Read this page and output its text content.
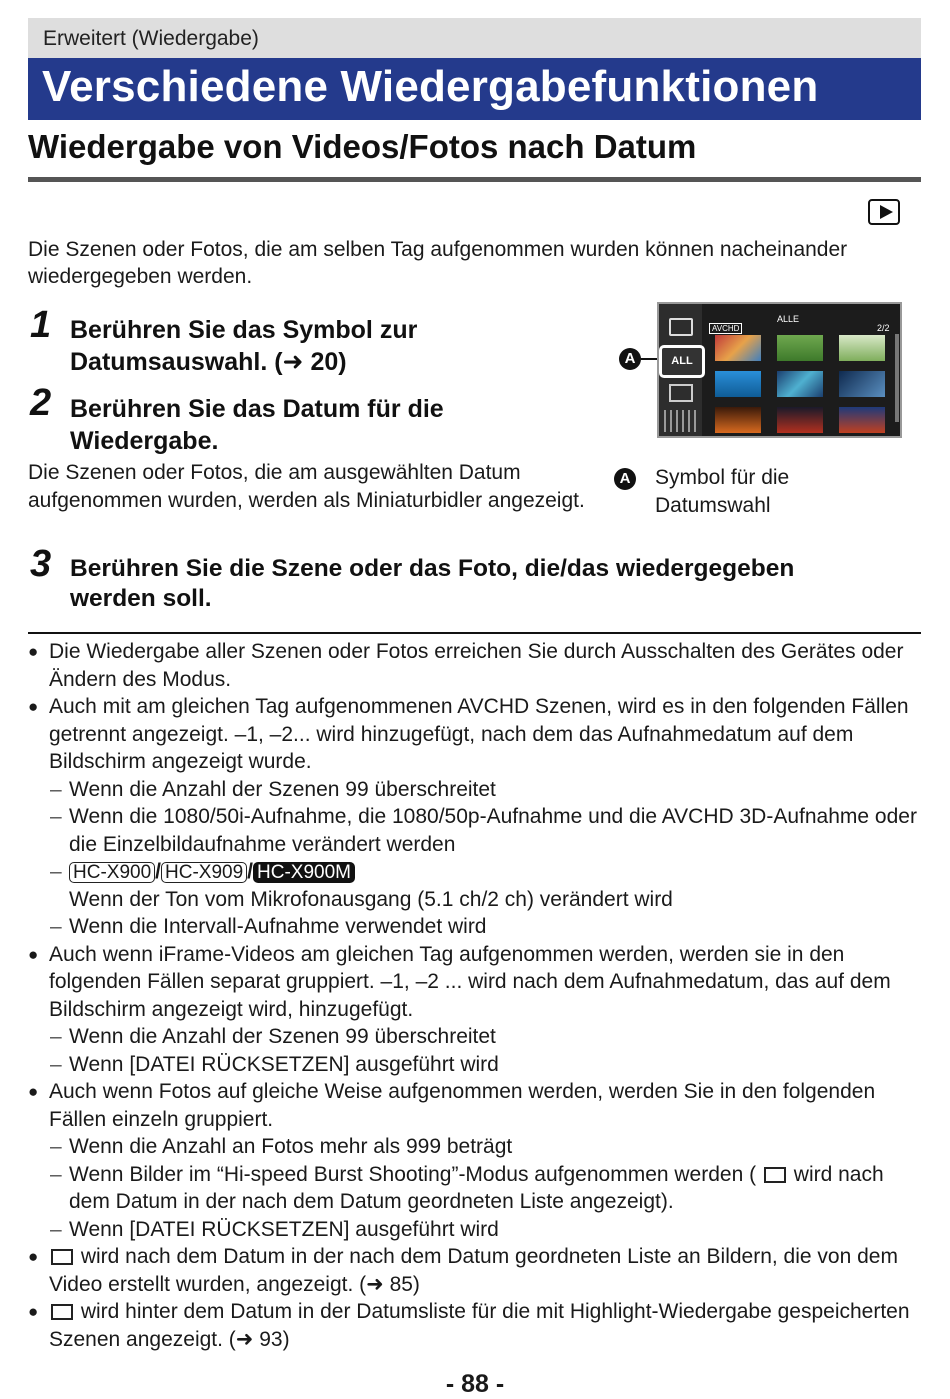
Erweitert (Wiedergabe)
Verschiedene Wiedergabefunktionen
Wiedergabe von Videos/Fotos nach Datum
Die Szenen oder Fotos, die am selben Tag aufgenommen wurden können nacheinander wiedergegeben werden.
1 Berühren Sie das Symbol zur
Datumsauswahl. (➜ 20)
2 Berühren Sie das Datum für die
Wiedergabe.
Die Szenen oder Fotos, die am ausgewählten Datum aufgenommen wurden, werden als Miniaturbidler angezeigt.
A	ALL
AVCHD
ALLE
2/2
A Symbol für die Datumswahl
3 Berühren Sie die Szene oder das Foto, die/das wiedergegeben
werden soll.
● Die Wiedergabe aller Szenen oder Fotos erreichen Sie durch Ausschalten des Gerätes oder Ändern des Modus.
● Auch mit am gleichen Tag aufgenommenen AVCHD Szenen, wird es in den folgenden Fällen getrennt angezeigt. –1, –2... wird hinzugefügt, nach dem das Aufnahmedatum auf dem Bildschirm angezeigt wurde.
– Wenn die Anzahl der Szenen 99 überschreitet
– Wenn die 1080/50i-Aufnahme, die 1080/50p-Aufnahme und die AVCHD 3D-Aufnahme oder die Einzelbildaufnahme verändert werden
– HC-X900 / HC-X909 / HC-X900M
Wenn der Ton vom Mikrofonausgang (5.1 ch/2 ch) verändert wird
– Wenn die Intervall-Aufnahme verwendet wird
● Auch wenn iFrame-Videos am gleichen Tag aufgenommen werden, werden sie in den folgenden Fällen separat gruppiert. –1, –2 ... wird nach dem Aufnahmedatum, das auf dem Bildschirm angezeigt wird, hinzugefügt.
– Wenn die Anzahl der Szenen 99 überschreitet
– Wenn [DATEI RÜCKSETZEN] ausgeführt wird
● Auch wenn Fotos auf gleiche Weise aufgenommen werden, werden Sie in den folgenden Fällen einzeln gruppiert.
– Wenn die Anzahl an Fotos mehr als 999 beträgt
– Wenn Bilder im “Hi-speed Burst Shooting”-Modus aufgenommen werden ( wird nach dem Datum in der nach dem Datum geordneten Liste angezeigt).
– Wenn [DATEI RÜCKSETZEN] ausgeführt wird
● wird nach dem Datum in der nach dem Datum geordneten Liste an Bildern, die von dem Video erstellt wurden, angezeigt. (➜ 85)
● wird hinter dem Datum in der Datumsliste für die mit Highlight-Wiedergabe gespeicherten Szenen angezeigt. (➜ 93)
- 88 -
